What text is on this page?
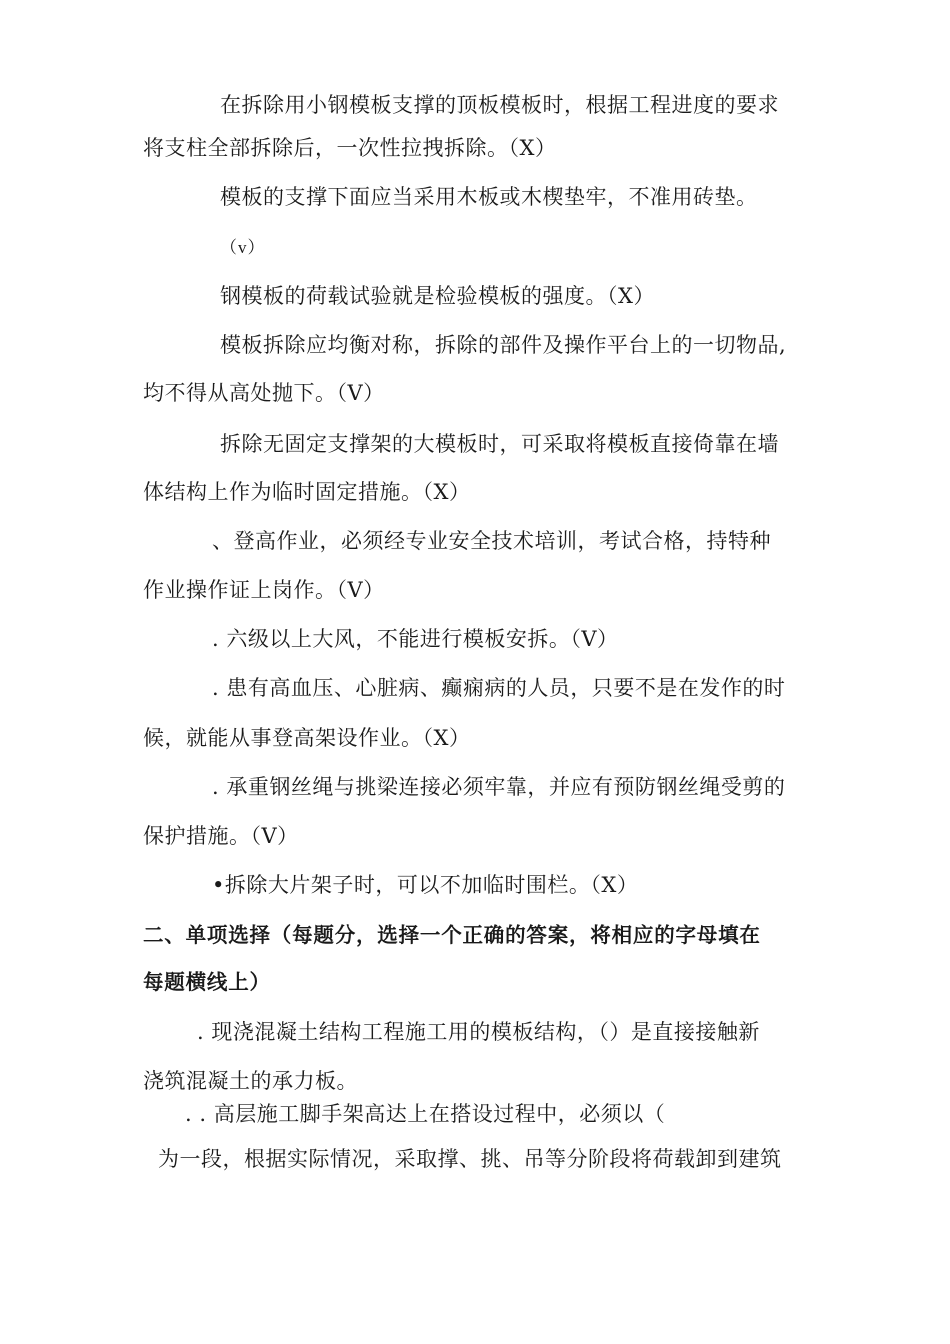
在拆除用小钢模板支撑的顶板模板时，根据工程进度的要求
将支柱全部拆除后，一次性拉拽拆除。（X）
模板的支撑下面应当采用木板或木楔垫牢，不准用砖垫。
（v）
钢模板的荷载试验就是检验模板的强度。（X）
模板拆除应均衡对称，拆除的部件及操作平台上的一切物品,
均不得从高处抛下。（V）
拆除无固定支撑架的大模板时，可采取将模板直接倚靠在墙
体结构上作为临时固定措施。（X）
、登高作业，必须经专业安全技术培训，考试合格，持特种
作业操作证上岗作。（V）
. 六级以上大风，不能进行模板安拆。（V）
. 患有高血压、心脏病、癫痫病的人员，只要不是在发作的时
候，就能从事登高架设作业。（X）
. 承重钢丝绳与挑梁连接必须牢靠，并应有预防钢丝绳受剪的
保护措施。（V）
•拆除大片架子时，可以不加临时围栏。（X）
二、单项选择（每题分，选择一个正确的答案，将相应的字母填在
每题横线上）
. 现浇混凝土结构工程施工用的模板结构，（）是直接接触新
浇筑混凝土的承力板。
. . 高层施工脚手架高达上在搭设过程中，必须以（
为一段，根据实际情况，采取撑、挑、吊等分阶段将荷载卸到建筑
